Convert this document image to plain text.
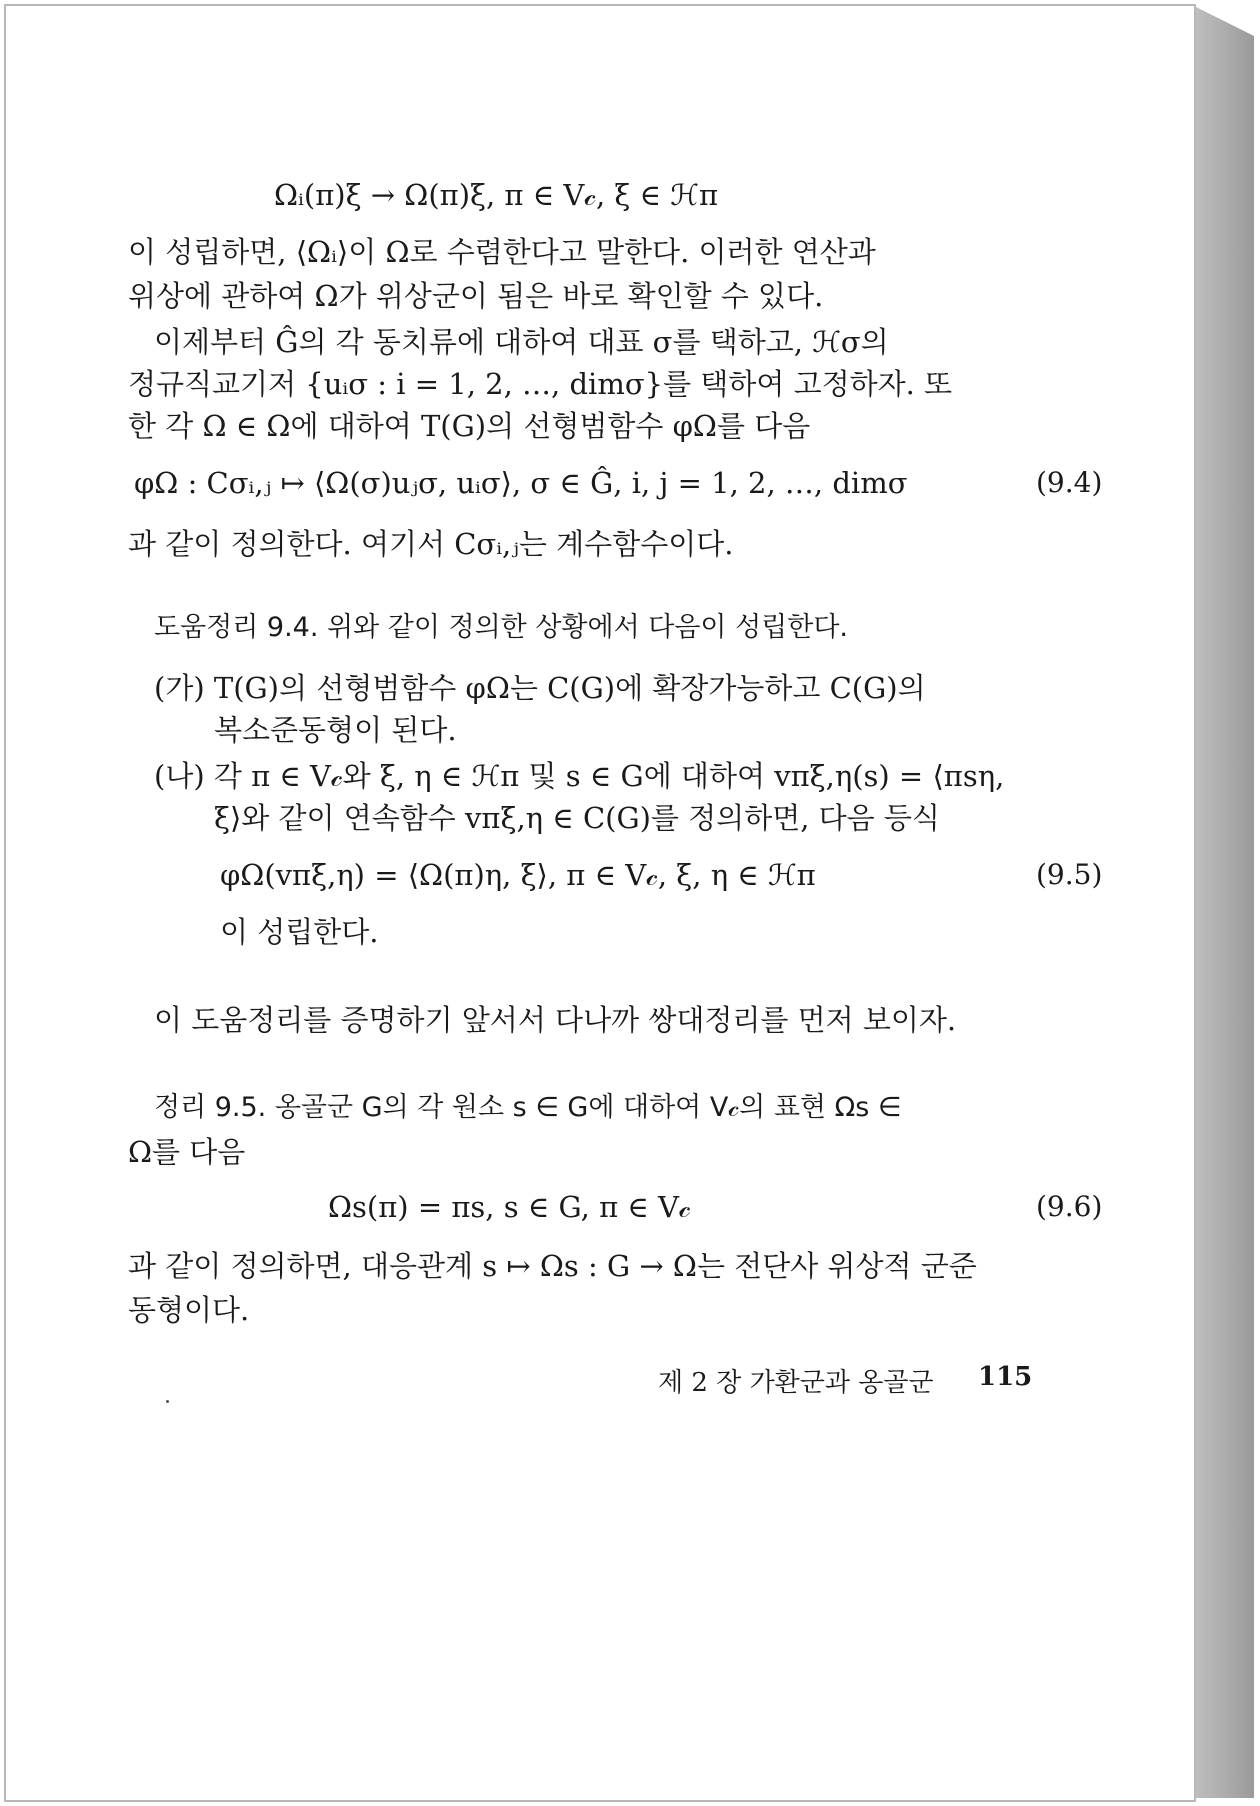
Ωᵢ(π)ξ → Ω(π)ξ, π ∈ V𝒸, ξ ∈ ℋπ
이 성립하면, ⟨Ωᵢ⟩이 Ω로 수렴한다고 말한다. 이러한 연산과
위상에 관하여 Ω가 위상군이 됨은 바로 확인할 수 있다.
이제부터 Ĝ의 각 동치류에 대하여 대표 σ를 택하고, ℋσ의
정규직교기저 {uᵢσ : i = 1, 2, …, dimσ}를 택하여 고정하자. 또
한 각 Ω ∈ Ω에 대하여 T(G)의 선형범함수 φΩ를 다음
φΩ : Cσᵢ,ⱼ ↦ ⟨Ω(σ)uⱼσ, uᵢσ⟩, σ ∈ Ĝ, i, j = 1, 2, …, dimσ	(9.4)
과 같이 정의한다. 여기서 Cσᵢ,ⱼ는 계수함수이다.
도움정리 9.4. 위와 같이 정의한 상황에서 다음이 성립한다.
(가) T(G)의 선형범함수 φΩ는 C(G)에 확장가능하고 C(G)의
복소준동형이 된다.
(나) 각 π ∈ V𝒸와 ξ, η ∈ ℋπ 및 s ∈ G에 대하여 vπξ,η(s) = ⟨πsη,
ξ⟩와 같이 연속함수 vπξ,η ∈ C(G)를 정의하면, 다음 등식
φΩ(vπξ,η) = ⟨Ω(π)η, ξ⟩, π ∈ V𝒸, ξ, η ∈ ℋπ	(9.5)
이 성립한다.
이 도움정리를 증명하기 앞서서 다나까 쌍대정리를 먼저 보이자.
정리 9.5. 옹골군 G의 각 원소 s ∈ G에 대하여 V𝒸의 표현 Ωs ∈
Ω를 다음
Ωs(π) = πs, s ∈ G, π ∈ V𝒸	(9.6)
과 같이 정의하면, 대응관계 s ↦ Ωs : G → Ω는 전단사 위상적 군준
동형이다.
제 2 장 가환군과 옹골군 115
